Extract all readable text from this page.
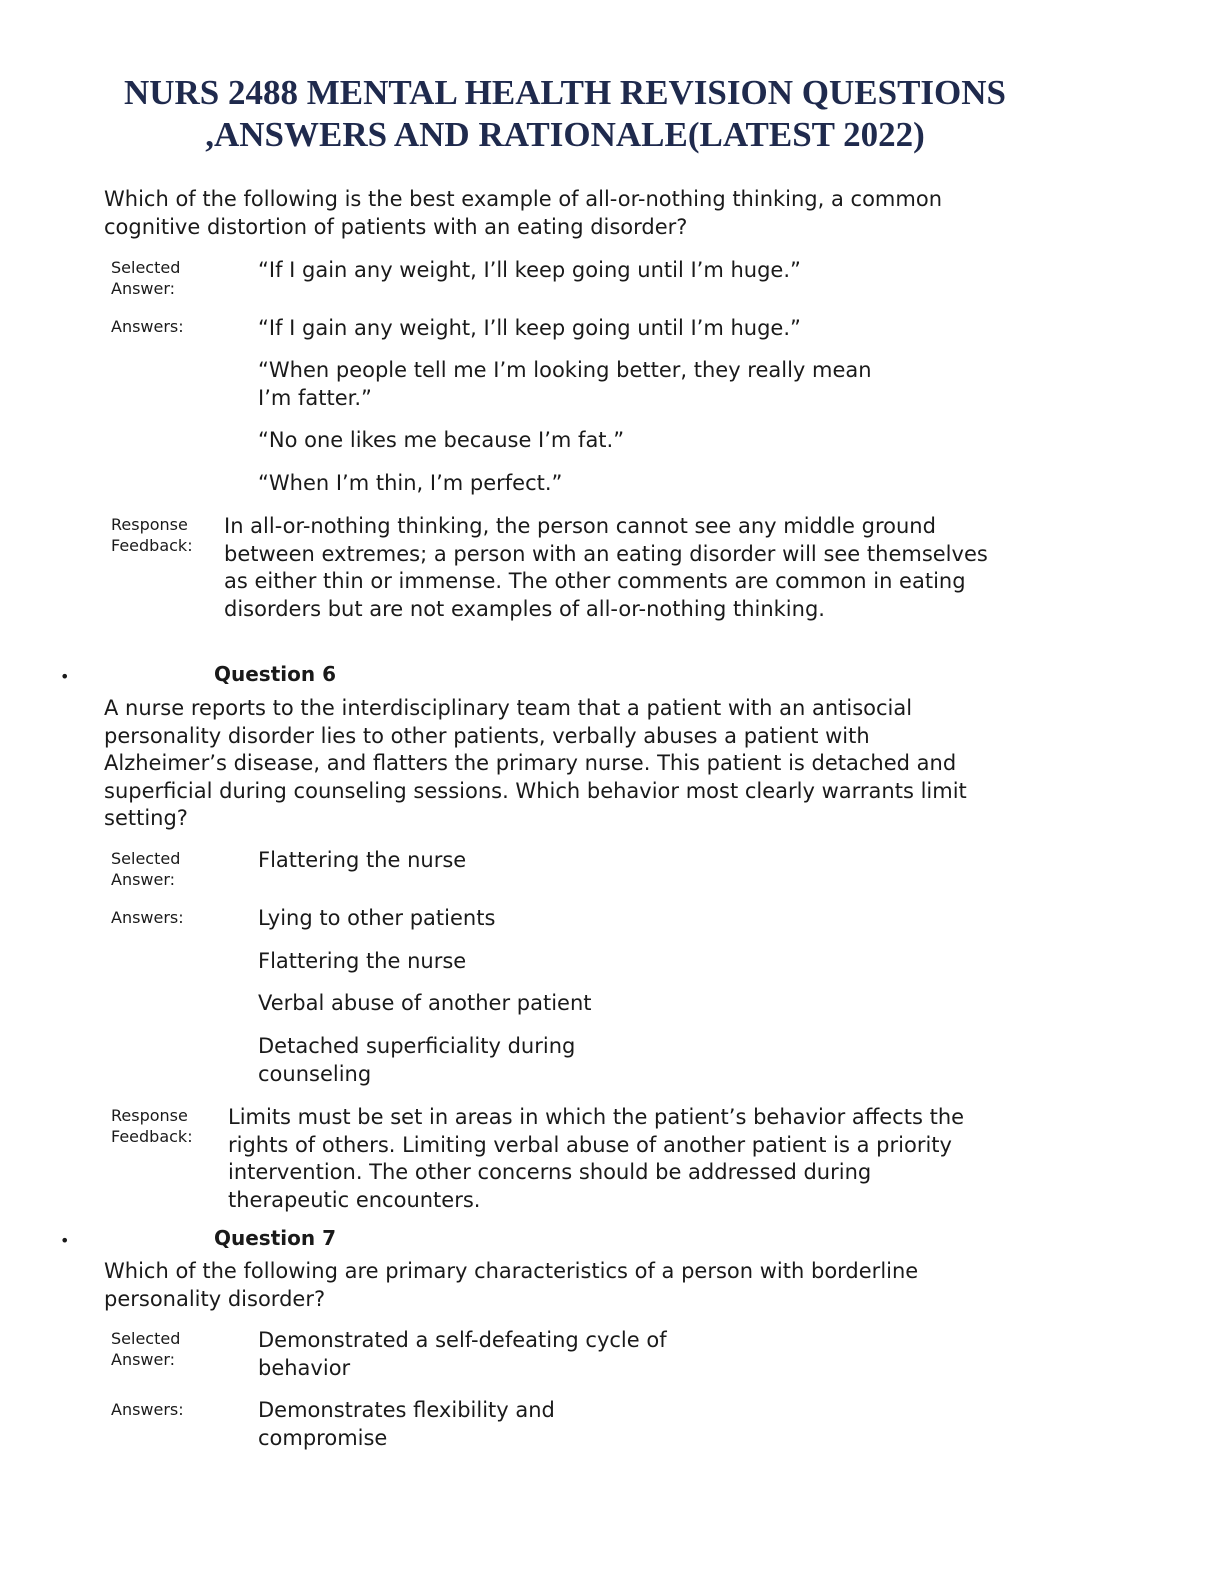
NURS 2488 MENTAL HEALTH REVISION QUESTIONS
,ANSWERS AND RATIONALE(LATEST 2022)
Which of the following is the best example of all-or-nothing thinking, a common cognitive distortion of patients with an eating disorder?
Selected
Answer:
“If I gain any weight, I’ll keep going until I’m huge.”
Answers:	“If I gain any weight, I’ll keep going until I’m huge.”
“When people tell me I’m looking better, they really mean I’m fatter.”
“No one likes me because I’m fat.”
“When I’m thin, I’m perfect.”
Response
Feedback:
In all-or-nothing thinking, the person cannot see any middle ground between extremes; a person with an eating disorder will see themselves as either thin or immense. The other comments are common in eating disorders but are not examples of all-or-nothing thinking.
•	Question 6
A nurse reports to the interdisciplinary team that a patient with an antisocial personality disorder lies to other patients, verbally abuses a patient with Alzheimer’s disease, and flatters the primary nurse. This patient is detached and superficial during counseling sessions. Which behavior most clearly warrants limit setting?
Selected
Answer:
Flattering the nurse
Answers:	Lying to other patients
Flattering the nurse
Verbal abuse of another patient
Detached superficiality during counseling
Response
Feedback:
Limits must be set in areas in which the patient’s behavior affects the rights of others. Limiting verbal abuse of another patient is a priority intervention. The other concerns should be addressed during therapeutic encounters.
•	Question 7
Which of the following are primary characteristics of a person with borderline personality disorder?
Selected
Answer:
Demonstrated a self-defeating cycle of behavior
Answers:	Demonstrates flexibility and compromise
